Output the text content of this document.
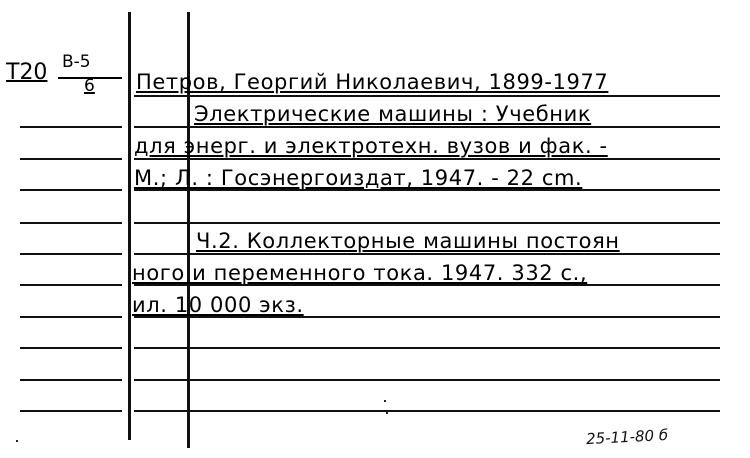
Т20 В-5
6 Петров, Георгий Николаевич, 1899-1977
Электрические машины : Учебник
для энерг. и электротехн. вузов и фак. -
М.; Л. : Госэнергоиздат, 1947. - 22 cm.
Ч.2. Коллекторные машины постоян
ного и переменного тока. 1947. 332 с.,
ил. 10 000 экз.
25-11-80 б
